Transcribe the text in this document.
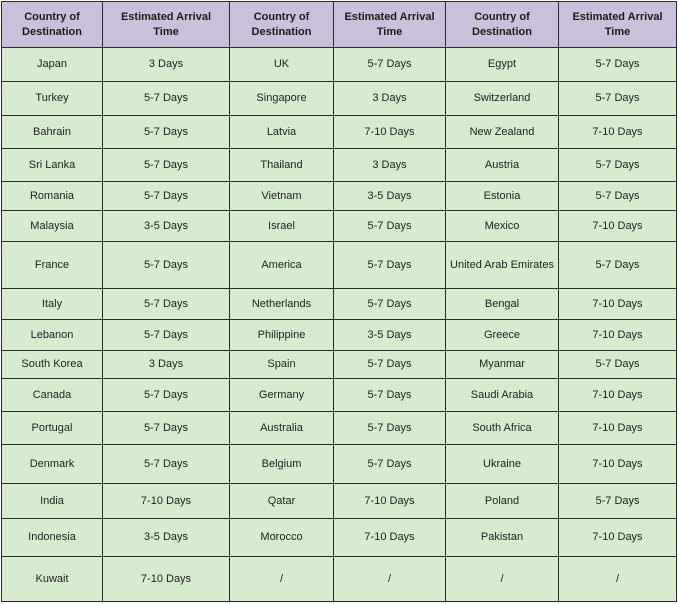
Country of Destination	Estimated Arrival Time	Country of Destination	Estimated Arrival Time	Country of Destination	Estimated Arrival Time
Japan	3 Days	UK	5-7 Days	Egypt	5-7 Days
Turkey	5-7 Days	Singapore	3 Days	Switzerland	5-7 Days
Bahrain	5-7 Days	Latvia	7-10 Days	New Zealand	7-10 Days
Sri Lanka	5-7 Days	Thailand	3 Days	Austria	5-7 Days
Romania	5-7 Days	Vietnam	3-5 Days	Estonia	5-7 Days
Malaysia	3-5 Days	Israel	5-7 Days	Mexico	7-10 Days
France	5-7 Days	America	5-7 Days	United Arab Emirates	5-7 Days
Italy	5-7 Days	Netherlands	5-7 Days	Bengal	7-10 Days
Lebanon	5-7 Days	Philippine	3-5 Days	Greece	7-10 Days
South Korea	3 Days	Spain	5-7 Days	Myanmar	5-7 Days
Canada	5-7 Days	Germany	5-7 Days	Saudi Arabia	7-10 Days
Portugal	5-7 Days	Australia	5-7 Days	South Africa	7-10 Days
Denmark	5-7 Days	Belgium	5-7 Days	Ukraine	7-10 Days
India	7-10 Days	Qatar	7-10 Days	Poland	5-7 Days
Indonesia	3-5 Days	Morocco	7-10 Days	Pakistan	7-10 Days
Kuwait	7-10 Days	/	/	/	/
